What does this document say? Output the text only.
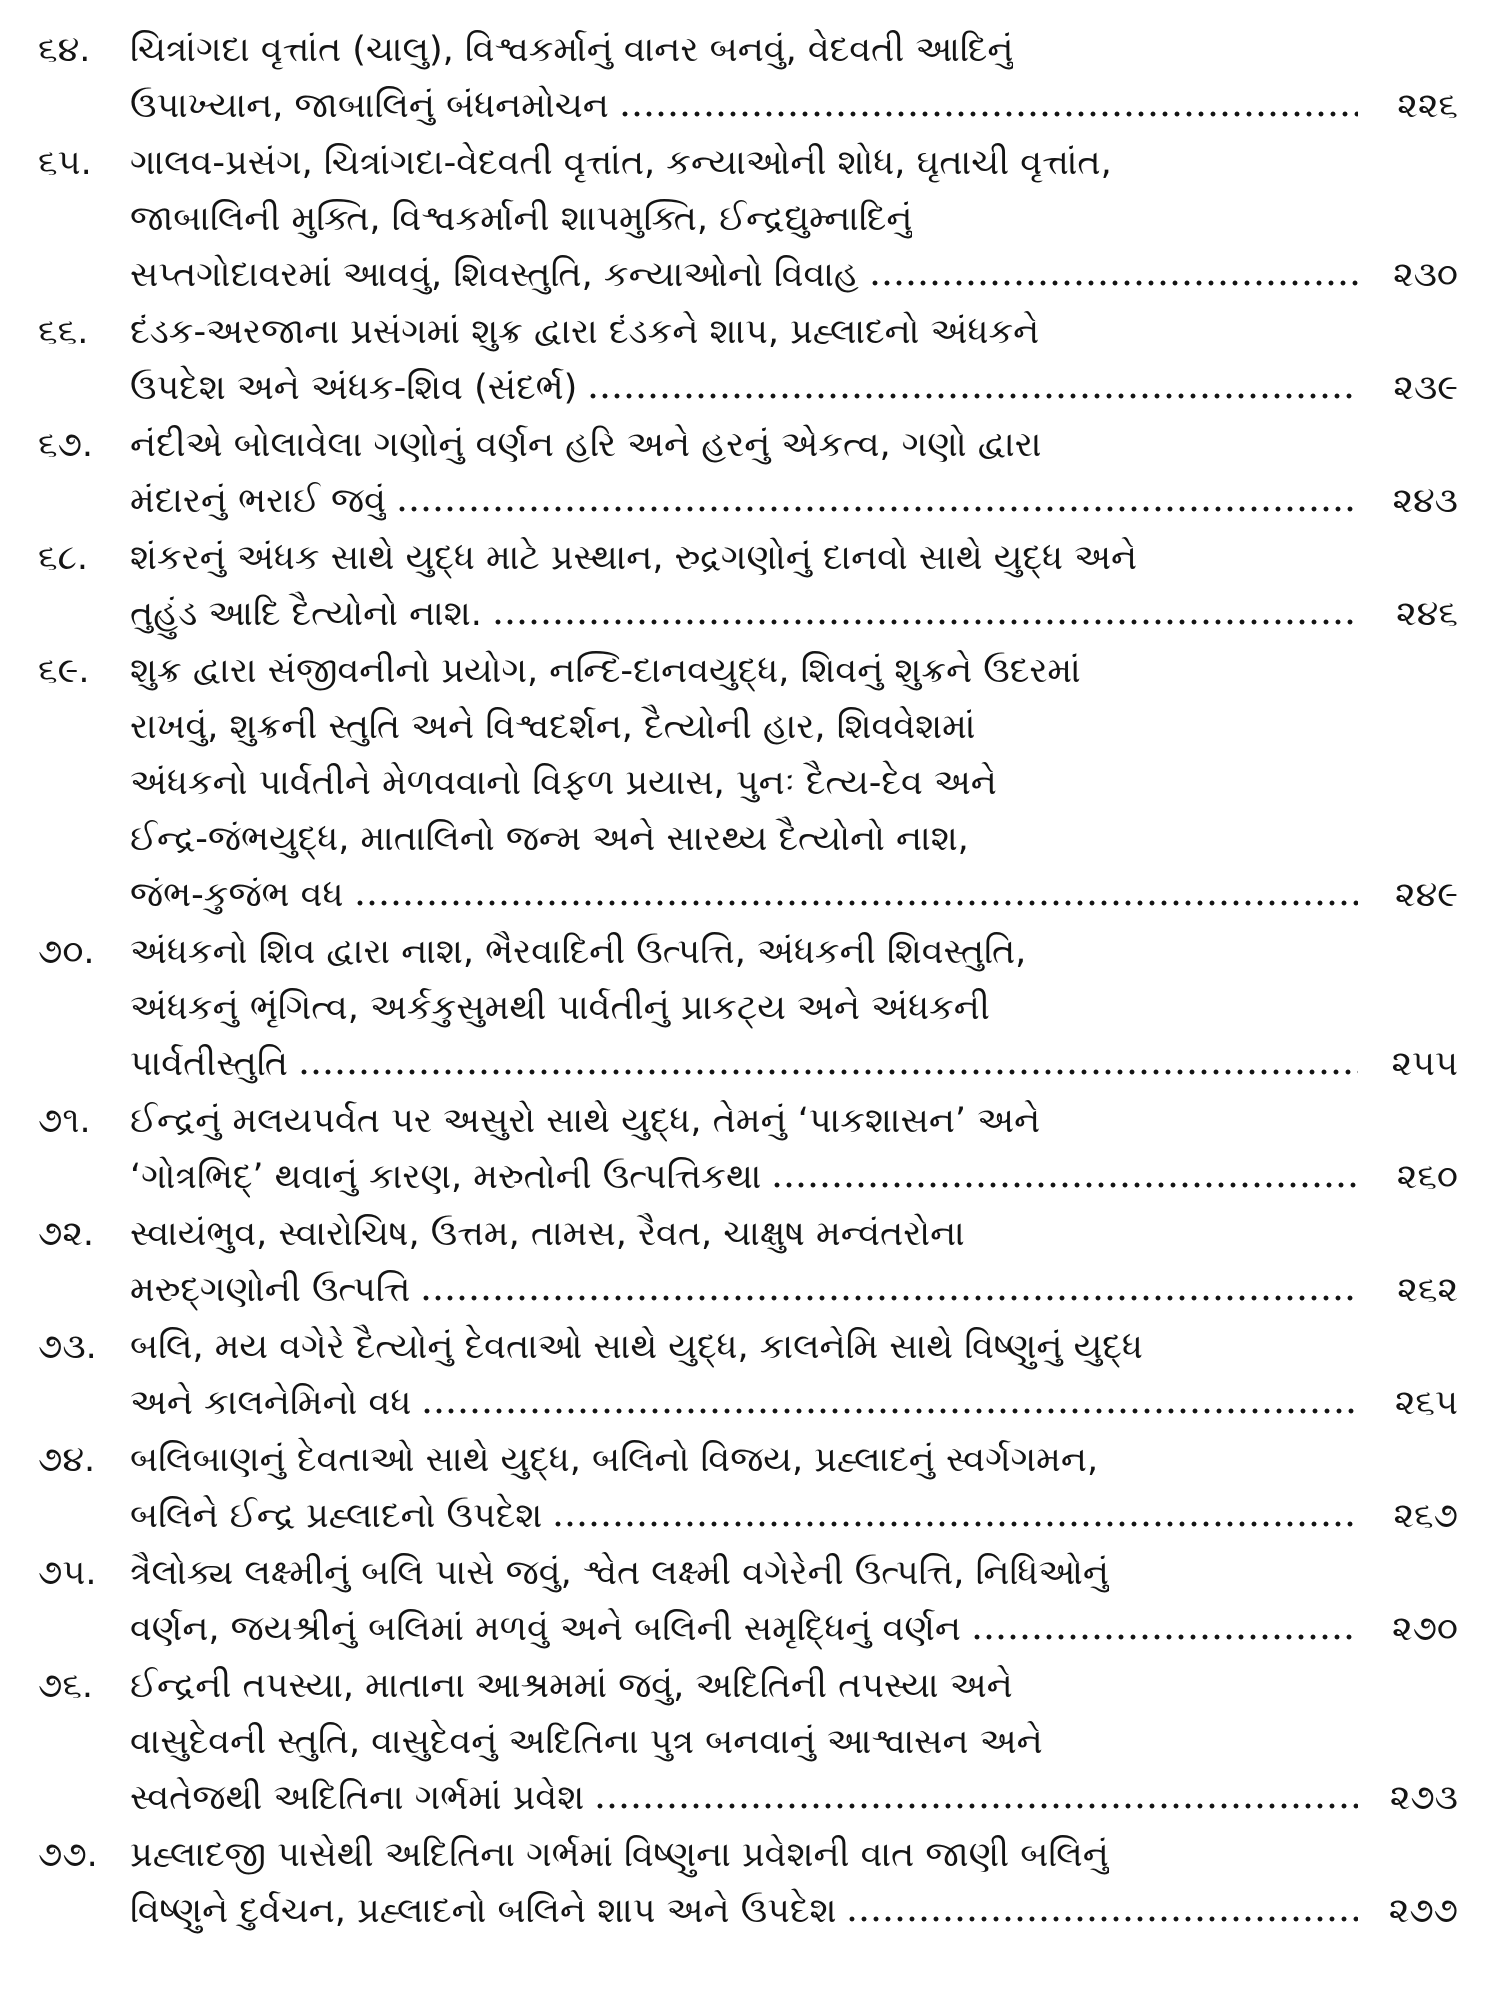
૬૪.	ચિત્રાંગદા વૃત્તાંત (ચાલુ), વિશ્વકર્માનું વાનર બનવું, વેદવતી આદિનું
ઉપાખ્યાન, જાબાલિનું બંધનમોચન	૨૨૬
૬૫.	ગાલવ-પ્રસંગ, ચિત્રાંગદા-વેદવતી વૃત્તાંત, કન્યાઓની શોધ, ઘૃતાચી વૃત્તાંત,
જાબાલિની મુક્તિ, વિશ્વકર્માની શાપમુક્તિ, ઈન્દ્રદ્યુમ્નાદિનું
સપ્તગોદાવરમાં આવવું, શિવસ્તુતિ, કન્યાઓનો વિવાહ	૨૩૦
૬૬.	દંડક-અરજાના પ્રસંગમાં શુક્ર દ્વારા દંડકને શાપ, પ્રહ્લાદનો અંધકને
ઉપદેશ અને અંધક-શિવ (સંદર્ભ)	૨૩૯
૬૭.	નંદીએ બોલાવેલા ગણોનું વર્ણન હરિ અને હરનું એકત્વ, ગણો દ્વારા
મંદારનું ભરાઈ જવું	૨૪૩
૬૮.	શંકરનું અંધક સાથે યુદ્ધ માટે પ્રસ્થાન, રુદ્રગણોનું દાનવો સાથે યુદ્ધ અને
તુહુંડ આદિ દૈત્યોનો નાશ.	૨૪૬
૬૯.	શુક્ર દ્વારા સંજીવનીનો પ્રયોગ, નન્દિ-દાનવયુદ્ધ, શિવનું શુક્રને ઉદરમાં
રાખવું, શુક્રની સ્તુતિ અને વિશ્વદર્શન, દૈત્યોની હાર, શિવવેશમાં
અંધકનો પાર્વતીને મેળવવાનો વિફળ પ્રયાસ, પુનઃ દૈત્ય-દેવ અને
ઈન્દ્ર-જંભયુદ્ધ, માતાલિનો જન્મ અને સારથ્ય દૈત્યોનો નાશ,
જંભ-કુજંભ વધ	૨૪૯
૭૦.	અંધકનો શિવ દ્વારા નાશ, ભૈરવાદિની ઉત્પત્તિ, અંધકની શિવસ્તુતિ,
અંધકનું ભૃંગિત્વ, અર્કકુસુમથી પાર્વતીનું પ્રાકટ્ય અને અંધકની
પાર્વતીસ્તુતિ	૨૫૫
૭૧.	ઈન્દ્રનું મલયપર્વત પર અસુરો સાથે યુદ્ધ, તેમનું ‘પાકશાસન’ અને
‘ગોત્રભિદ્’ થવાનું કારણ, મરુતોની ઉત્પત્તિકથા	૨૬૦
૭૨.	સ્વાયંભુવ, સ્વારોચિષ, ઉત્તમ, તામસ, રૈવત, ચાક્ષુષ મન્વંતરોના
મરુદ્ગણોની ઉત્પત્તિ	૨૬૨
૭૩. બલિ, મય વગેરે દૈત્યોનું દેવતાઓ સાથે યુદ્ધ, કાલનેમિ સાથે વિષ્ણુનું યુદ્ધ
અને કાલનેમિનો વધ	૨૬૫
૭૪. બલિબાણનું દેવતાઓ સાથે યુદ્ધ, બલિનો વિજય, પ્રહ્લાદનું સ્વર્ગગમન,
બલિને ઈન્દ્ર પ્રહ્લાદનો ઉપદેશ	૨૬૭
૭૫. ત્રૈલોક્ય લક્ષ્મીનું બલિ પાસે જવું, શ્વેત લક્ષ્મી વગેરેની ઉત્પત્તિ, નિધિઓનું
વર્ણન, જયશ્રીનું બલિમાં મળવું અને બલિની સમૃદ્ધિનું વર્ણન	૨૭૦
૭૬.	ઈન્દ્રની તપસ્યા, માતાના આશ્રમમાં જવું, અદિતિની તપસ્યા અને
વાસુદેવની સ્તુતિ, વાસુદેવનું અદિતિના પુત્ર બનવાનું આશ્વાસન અને
સ્વતેજથી અદિતિના ગર્ભમાં પ્રવેશ	૨૭૩
૭૭. પ્રહ્લાદજી પાસેથી અદિતિના ગર્ભમાં વિષ્ણુના પ્રવેશની વાત જાણી બલિનું
વિષ્ણુને દુર્વચન, પ્રહ્લાદનો બલિને શાપ અને ઉપદેશ	૨૭૭
